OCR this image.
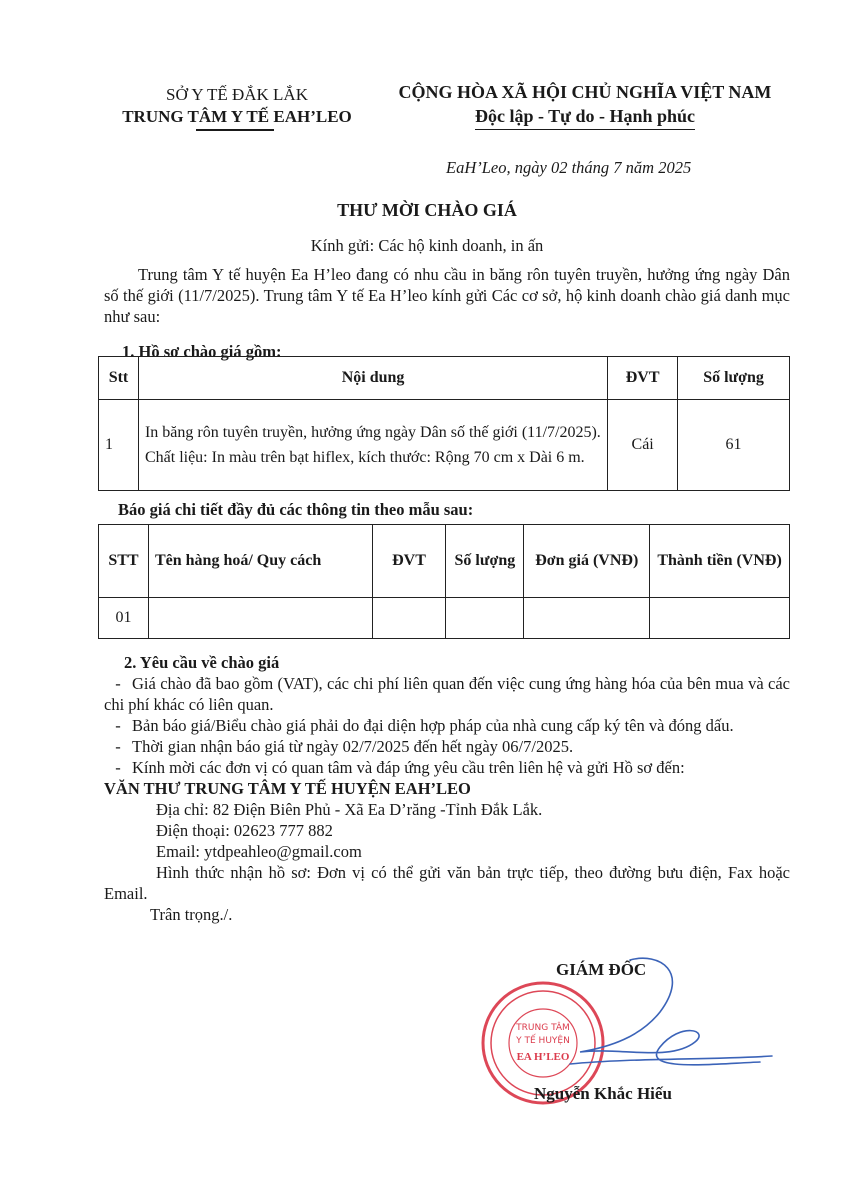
SỞ Y TẾ ĐẮK LẮK
TRUNG TÂM Y TẾ EAH’LEO
CỘNG HÒA XÃ HỘI CHỦ NGHĨA VIỆT NAM
Độc lập - Tự do - Hạnh phúc
EaH’Leo, ngày 02 tháng 7 năm 2025
THƯ MỜI CHÀO GIÁ
Kính gửi: Các hộ kinh doanh, in ấn
Trung tâm Y tế huyện Ea H’leo đang có nhu cầu in băng rôn tuyên truyền, hưởng ứng ngày Dân số thế giới (11/7/2025). Trung tâm Y tế Ea H’leo kính gửi Các cơ sở, hộ kinh doanh chào giá danh mục như sau:
1. Hồ sơ chào giá gồm:
Stt	Nội dung	ĐVT	Số lượng
1	In băng rôn tuyên truyền, hưởng ứng ngày Dân số thế giới (11/7/2025). Chất liệu: In màu trên bạt hiflex, kích thước: Rộng 70 cm x Dài 6 m.	Cái	61
Báo giá chi tiết đầy đủ các thông tin theo mẫu sau:
STT	Tên hàng hoá/ Quy cách	ĐVT	Số lượng	Đơn giá (VNĐ)	Thành tiền (VNĐ)
01					

2. Yêu cầu về chào giá

- Giá chào đã bao gồm (VAT), các chi phí liên quan đến việc cung ứng hàng hóa của bên mua và các chi phí khác có liên quan.

- Bản báo giá/Biểu chào giá phải do đại diện hợp pháp của nhà cung cấp ký tên và đóng dấu.

- Thời gian nhận báo giá từ ngày 02/7/2025 đến hết ngày 06/7/2025.

- Kính mời các đơn vị có quan tâm và đáp ứng yêu cầu trên liên hệ và gửi Hồ sơ đến:

VĂN THƯ TRUNG TÂM Y TẾ HUYỆN EAH’LEO

Địa chỉ: 82 Điện Biên Phủ - Xã Ea D’răng -Tỉnh Đắk Lắk.

Điện thoại: 02623 777 882

Email: ytdpeahleo@gmail.com

Hình thức nhận hồ sơ: Đơn vị có thể gửi văn bản trực tiếp, theo đường bưu điện, Fax hoặc Email.

Trân trọng./.

GIÁM ĐỐC
TRUNG TÂM
Y TẾ HUYỆN
EA H’LEO
Nguyễn Khắc Hiếu
